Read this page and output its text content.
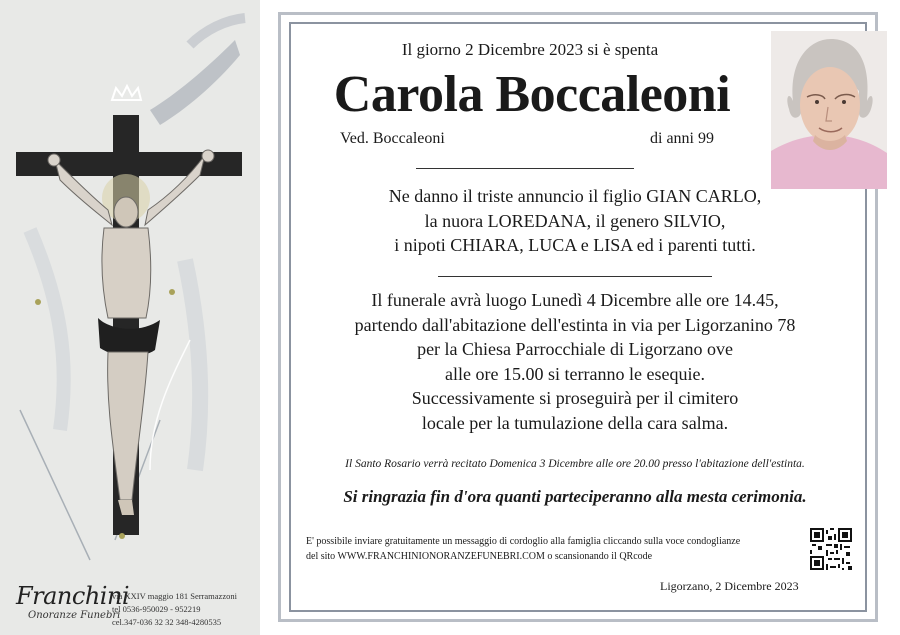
Franchini
Onoranze Funebri
via XXIV maggio 181 Serramazzoni
tel 0536-950029 - 952219
cel.347-036 32 32 348-4280535
Il giorno 2 Dicembre 2023 si è spenta
Carola Boccaleoni
Ved. Boccaleoni	di anni 99
Ne danno il triste annuncio il figlio GIAN CARLO,
la nuora LOREDANA, il genero SILVIO,
i nipoti CHIARA, LUCA e LISA ed i parenti tutti.
Il funerale avrà luogo Lunedì 4 Dicembre alle ore 14.45,
partendo dall'abitazione dell'estinta in via per Ligorzanino 78
per la Chiesa Parrocchiale di Ligorzano ove
alle ore 15.00 si terranno le esequie.
Successivamente si proseguirà per il cimitero
locale per la tumulazione della cara salma.
Il Santo Rosario verrà recitato Domenica 3 Dicembre alle ore 20.00 presso l'abitazione dell'estinta.
Si ringrazia fin d'ora quanti parteciperanno alla mesta cerimonia.
E' possibile inviare gratuitamente un messaggio di cordoglio alla famiglia cliccando sulla voce condoglianze
del sito WWW.FRANCHINIONORANZEFUNEBRI.COM o scansionando il QRcode
Ligorzano, 2 Dicembre 2023
